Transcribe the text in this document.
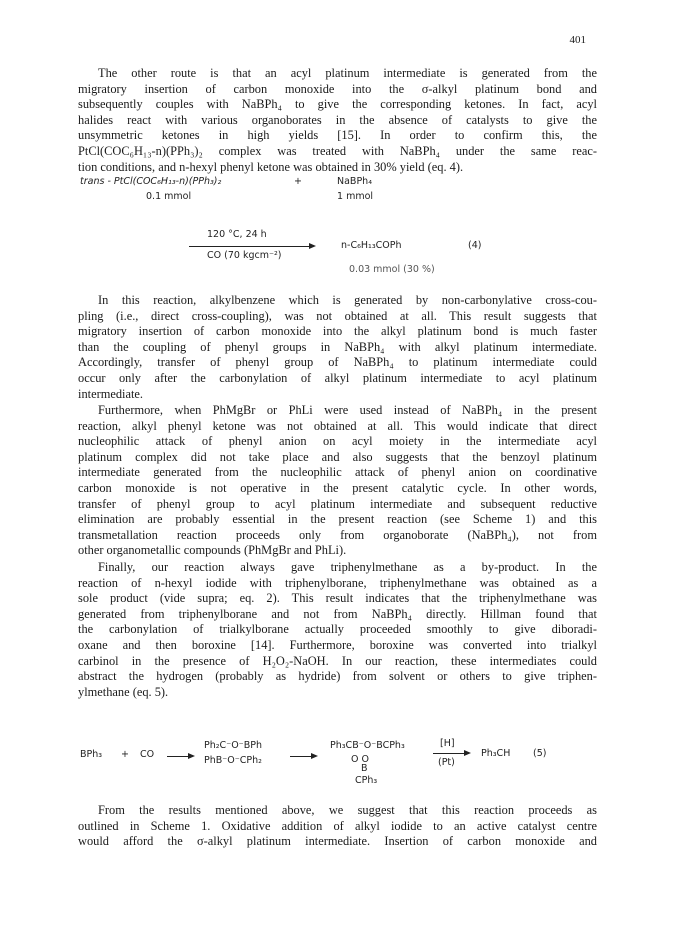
401
The other route is that an acyl platinum intermediate is generated from the
migratory insertion of carbon monoxide into the σ-alkyl platinum bond and
subsequently couples with NaBPh₄ to give the corresponding ketones. In fact, acyl
halides react with various organoborates in the absence of catalysts to give the
unsymmetric ketones in high yields [15]. In order to confirm this, the
PtCl(COC₆H₁₃-n)(PPh₃)₂ complex was treated with NaBPh₄ under the same reac-
tion conditions, and n-hexyl phenyl ketone was obtained in 30% yield (eq. 4).
trans - PtCl(COC₆H₁₃-n)(PPh₃)₂	+	NaBPh₄
0.1 mmol	1 mmol
120 °C, 24 h
CO (70 kgcm⁻²)
n-C₆H₁₃COPh	(4)
0.03 mmol (30 %)
In this reaction, alkylbenzene which is generated by non-carbonylative cross-cou-
pling (i.e., direct cross-coupling), was not obtained at all. This result suggests that
migratory insertion of carbon monoxide into the alkyl platinum bond is much faster
than the coupling of phenyl groups in NaBPh₄ with alkyl platinum intermediate.
Accordingly, transfer of phenyl group of NaBPh₄ to platinum intermediate could
occur only after the carbonylation of alkyl platinum intermediate to acyl platinum
intermediate.
Furthermore, when PhMgBr or PhLi were used instead of NaBPh₄ in the present
reaction, alkyl phenyl ketone was not obtained at all. This would indicate that direct
nucleophilic attack of phenyl anion on acyl moiety in the intermediate acyl
platinum complex did not take place and also suggests that the benzoyl platinum
intermediate generated from the nucleophilic attack of phenyl anion on coordinative
carbon monoxide is not operative in the present catalytic cycle. In other words,
transfer of phenyl group to acyl platinum intermediate and subsequent reductive
elimination are probably essential in the present reaction (see Scheme 1) and this
transmetallation reaction proceeds only from organoborate (NaBPh₄), not from
other organometallic compounds (PhMgBr and PhLi).
Finally, our reaction always gave triphenylmethane as a by-product. In the
reaction of n-hexyl iodide with triphenylborane, triphenylmethane was obtained as a
sole product (vide supra; eq. 2). This result indicates that the triphenylmethane was
generated from triphenylborane and not from NaBPh₄ directly. Hillman found that
the carbonylation of trialkylborane actually proceeded smoothly to give diboradi-
oxane and then boroxine [14]. Furthermore, boroxine was converted into trialkyl
carbinol in the presence of H₂O₂-NaOH. In our reaction, these intermediates could
abstract the hydrogen (probably as hydride) from solvent or others to give triphen-
ylmethane (eq. 5).
BPh₃ + CO
Ph₂C⁻O⁻BPh
PhB⁻O⁻CPh₂
Ph₃CB⁻O⁻BCPh₃
O O
B
CPh₃
[H]
(Pt)
Ph₃CH (5)
From the results mentioned above, we suggest that this reaction proceeds as
outlined in Scheme 1. Oxidative addition of alkyl iodide to an active catalyst centre
would afford the σ-alkyl platinum intermediate. Insertion of carbon monoxide and
